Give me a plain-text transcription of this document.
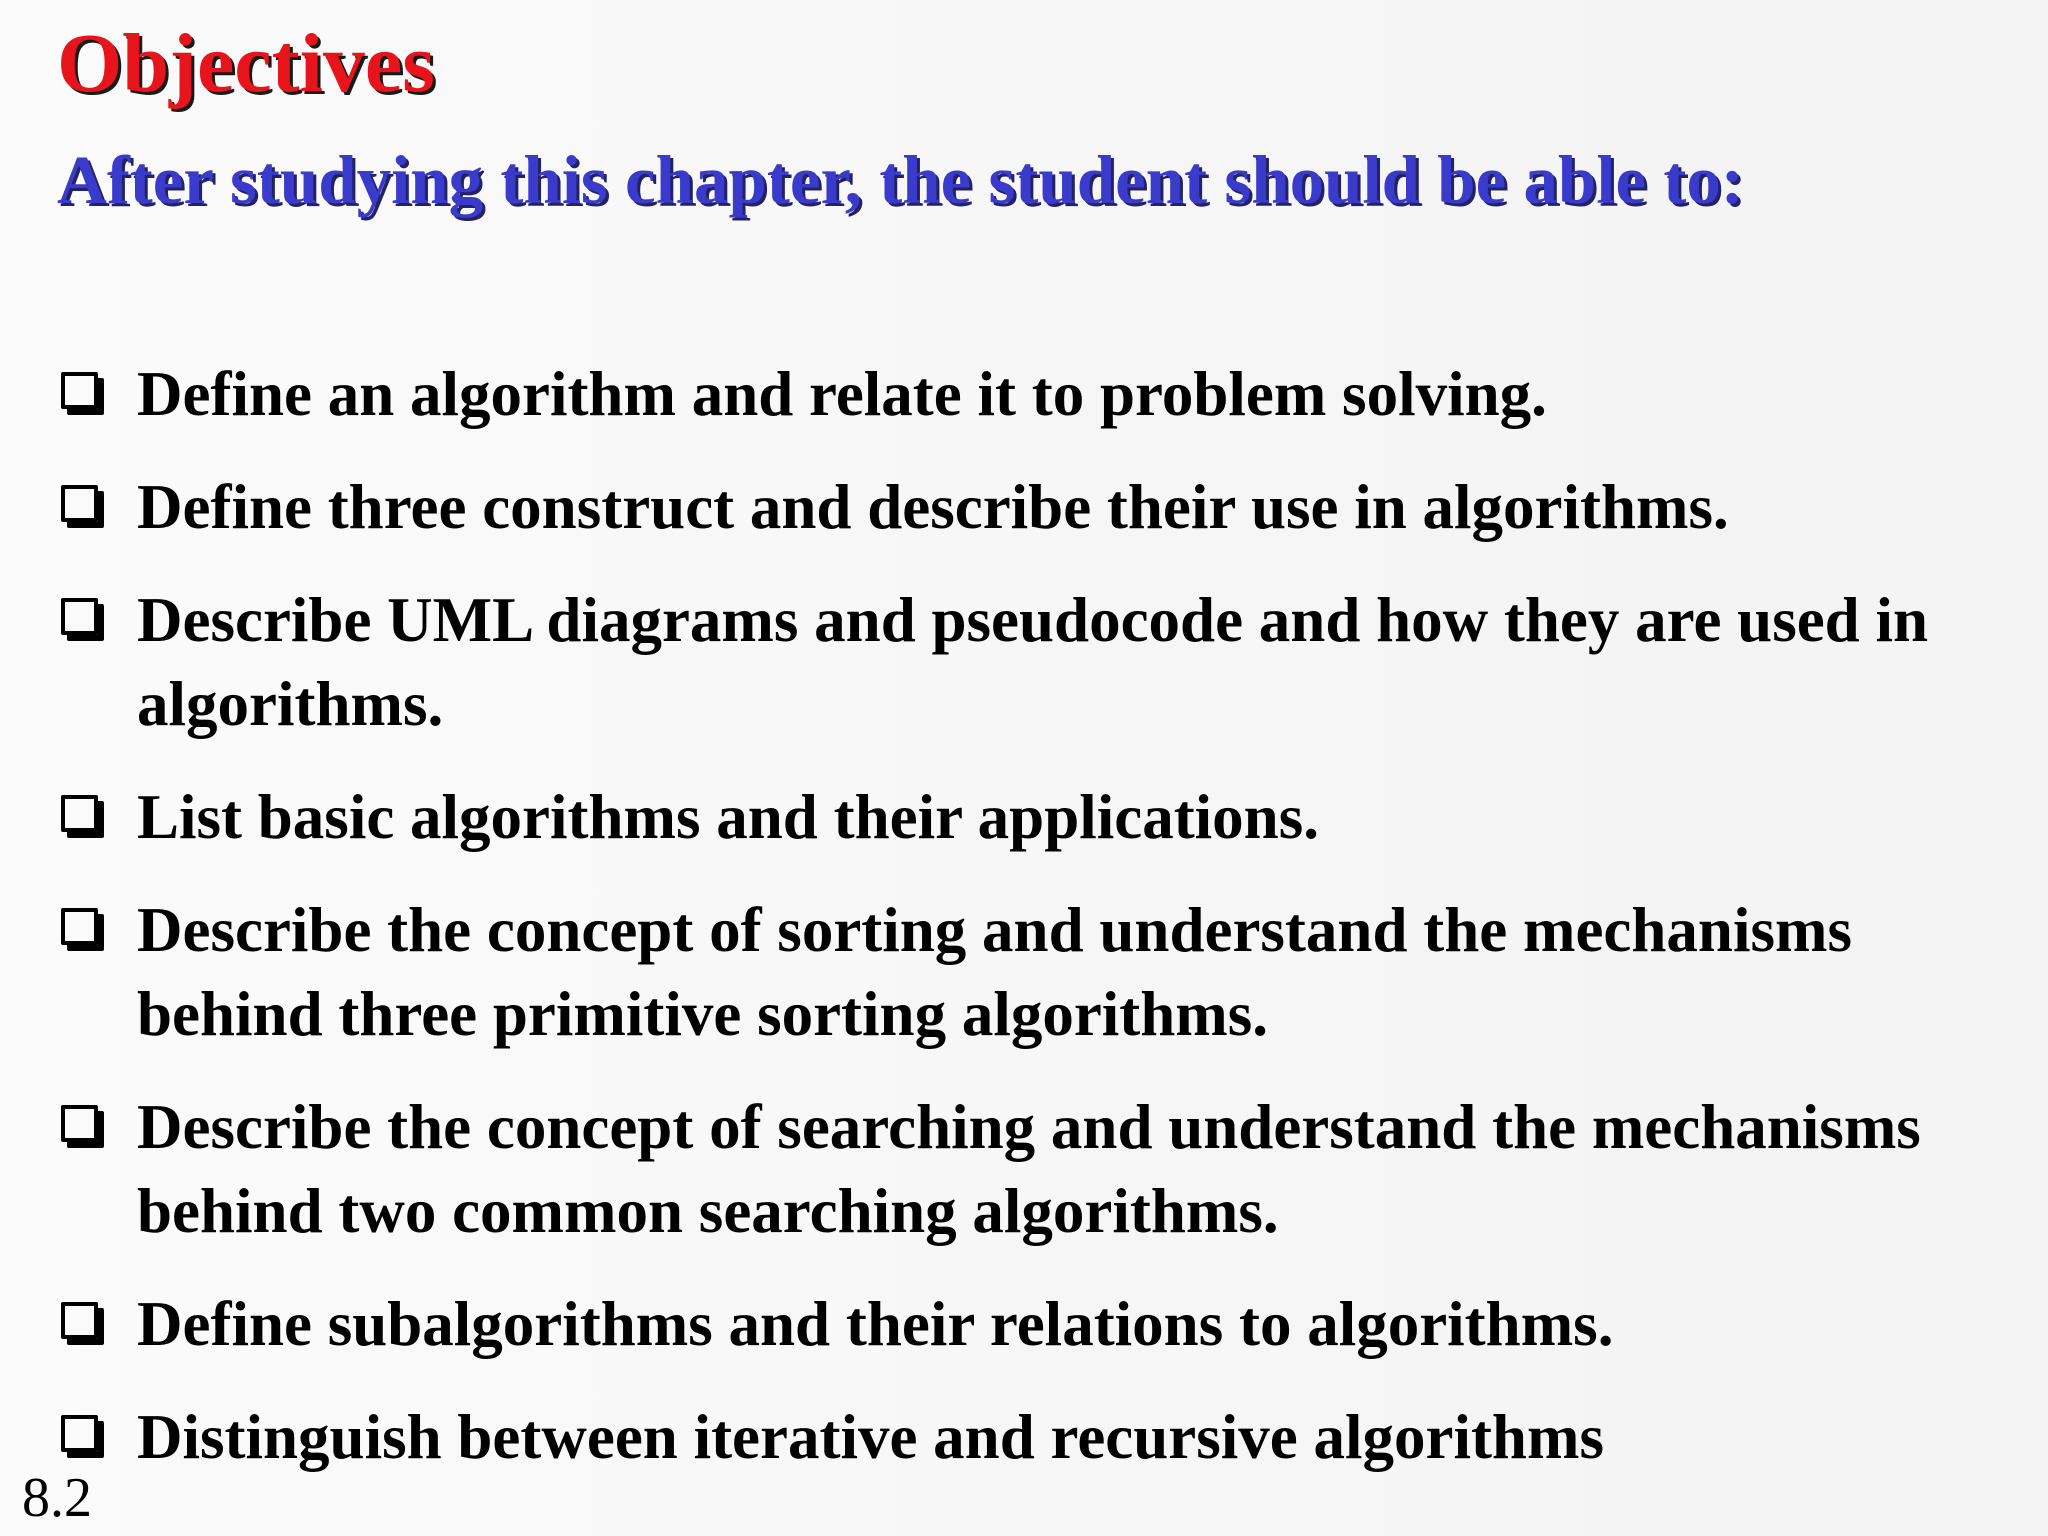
Objectives
After studying this chapter, the student should be able to:
Define an algorithm and relate it to problem solving.
Define three construct and describe their use in algorithms.
Describe UML diagrams and pseudocode and how they are used in algorithms.
List basic algorithms and their applications.
Describe the concept of sorting and understand the mechanisms behind three primitive sorting algorithms.
Describe the concept of searching and understand the mechanisms behind two common searching algorithms.
Define subalgorithms and their relations to algorithms.
Distinguish between iterative and recursive algorithms
8.2
